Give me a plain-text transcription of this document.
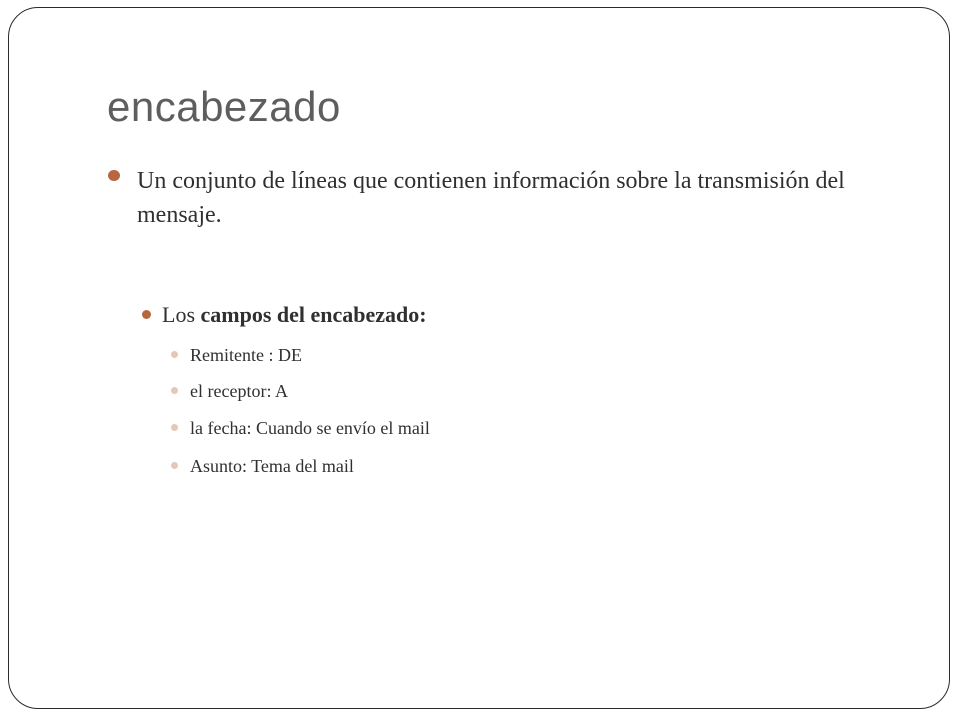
encabezado
Un conjunto de líneas que contienen información sobre la transmisión del mensaje.
Los campos del encabezado:
Remitente : DE
el receptor: A
la fecha: Cuando se envío el mail
Asunto: Tema del mail
